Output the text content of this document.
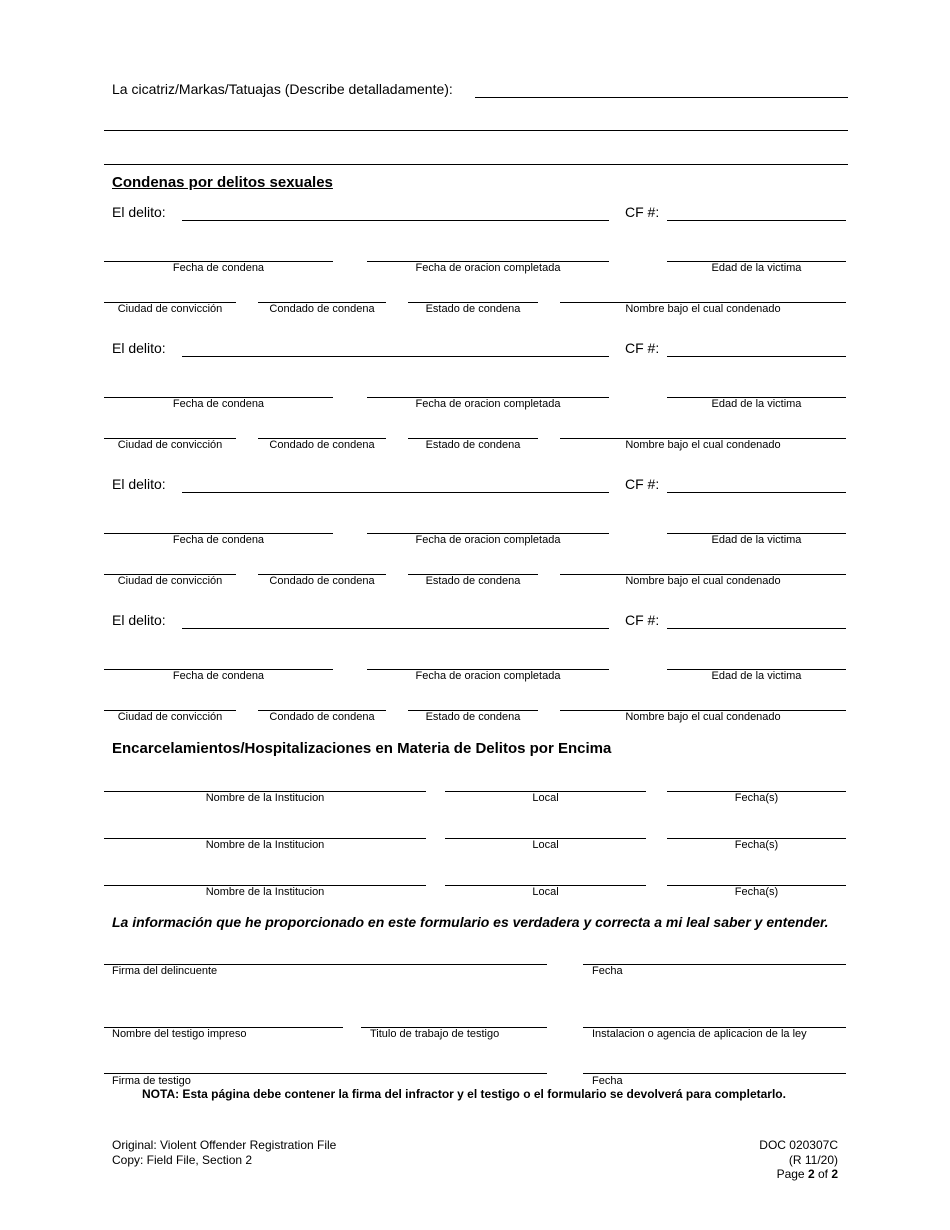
La cicatriz/Markas/Tatuajas (Describe detalladamente):
Condenas por delitos sexuales
El delito:	CF #:
Fecha de condena	Fecha de oracion completada	Edad de la victima
Ciudad de convicción	Condado de condena	Estado de condena	Nombre bajo el cual condenado
El delito:	CF #:
Fecha de condena	Fecha de oracion completada	Edad de la victima
Ciudad de convicción	Condado de condena	Estado de condena	Nombre bajo el cual condenado
El delito:	CF #:
Fecha de condena	Fecha de oracion completada	Edad de la victima
Ciudad de convicción	Condado de condena	Estado de condena	Nombre bajo el cual condenado
El delito:	CF #:
Fecha de condena	Fecha de oracion completada	Edad de la victima
Ciudad de convicción	Condado de condena	Estado de condena	Nombre bajo el cual condenado
Encarcelamientos/Hospitalizaciones en Materia de Delitos por Encima
Nombre de la Institucion	Local	Fecha(s)
Nombre de la Institucion	Local	Fecha(s)
Nombre de la Institucion	Local	Fecha(s)
La información que he proporcionado en este formulario es verdadera y correcta a mi leal saber y entender.
Firma del delincuente	Fecha
Nombre del testigo impreso	Titulo de trabajo de testigo	Instalacion o agencia de aplicacion de la ley
Firma de testigo	Fecha
NOTA: Esta página debe contener la firma del infractor y el testigo o el formulario se devolverá para completarlo.
Original: Violent Offender Registration File
Copy: Field File, Section 2
DOC 020307C
(R 11/20)
Page 2 of 2
